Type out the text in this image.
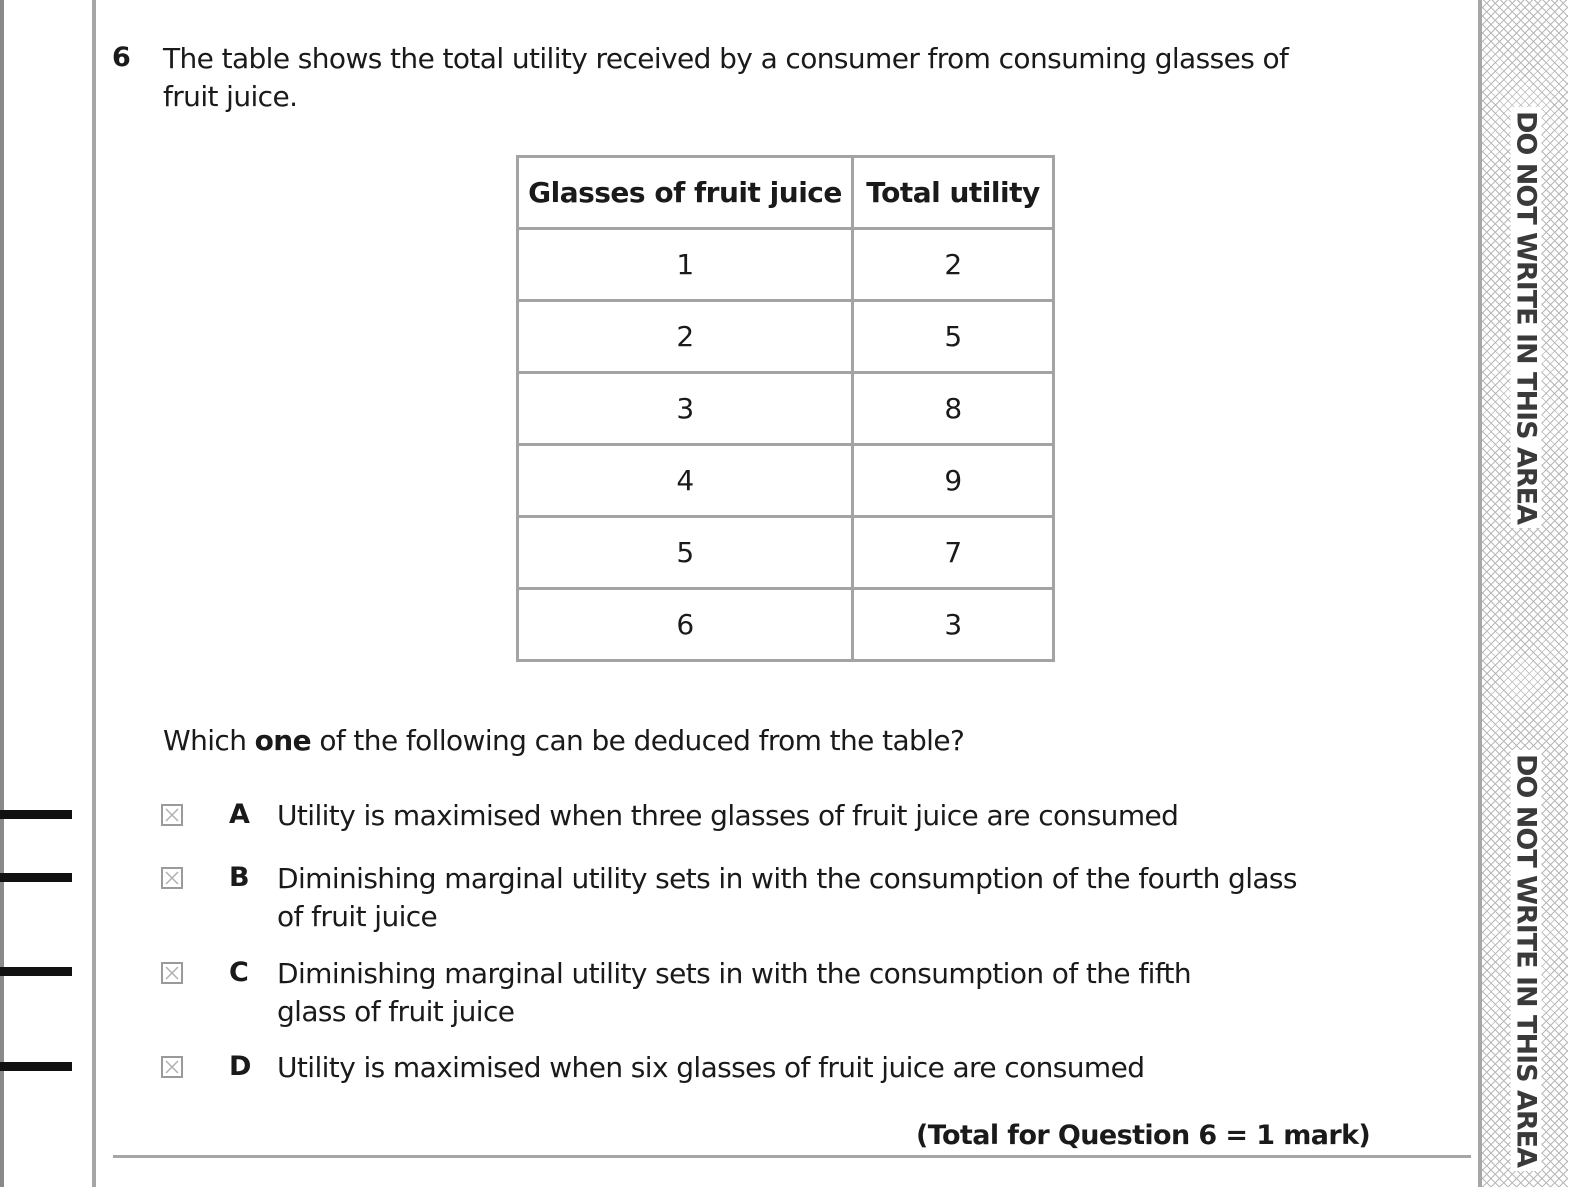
DO NOT WRITE IN THIS AREA
DO NOT WRITE IN THIS AREA
6 The table shows the total utility received by a consumer from consuming glasses of fruit juice.
Glasses of fruit juice	Total utility
1	2
2	5
3	8
4	9
5	7
6	3
Which one of the following can be deduced from the table?
A Utility is maximised when three glasses of fruit juice are consumed
B Diminishing marginal utility sets in with the consumption of the fourth glass of fruit juice
C Diminishing marginal utility sets in with the consumption of the fifth glass of fruit juice
D Utility is maximised when six glasses of fruit juice are consumed
(Total for Question 6 = 1 mark)
